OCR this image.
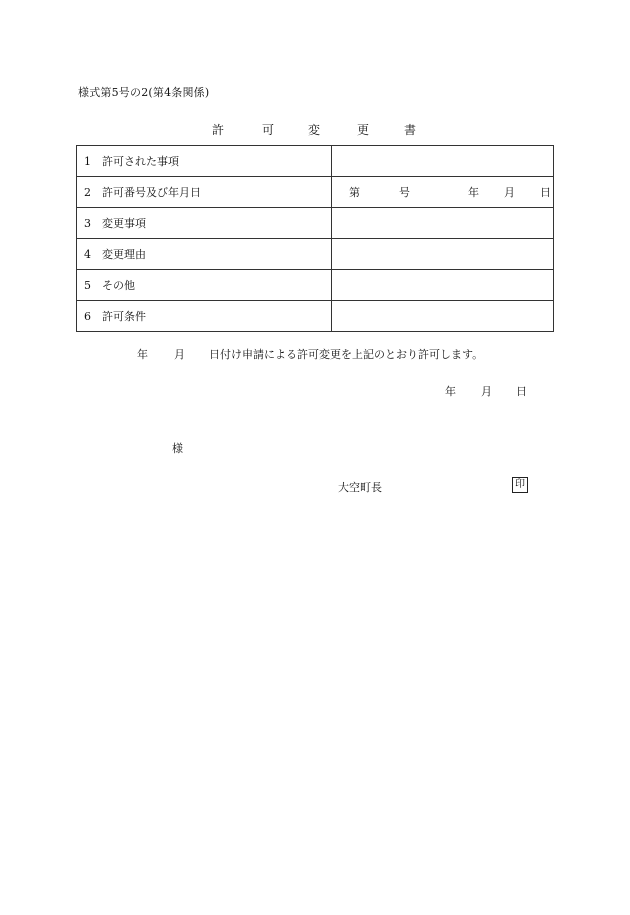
様式第5号の2(第4条関係)
許	可	変	更	書
1 許可された事項	
2 許可番号及び年月日	第 号 年 月 日

3 変更事項	
4 変更理由	
5 その他	
6 許可条件	
年 月 日付け申請による許可変更を上記のとおり許可します。
年 月 日
様
大空町長	印
